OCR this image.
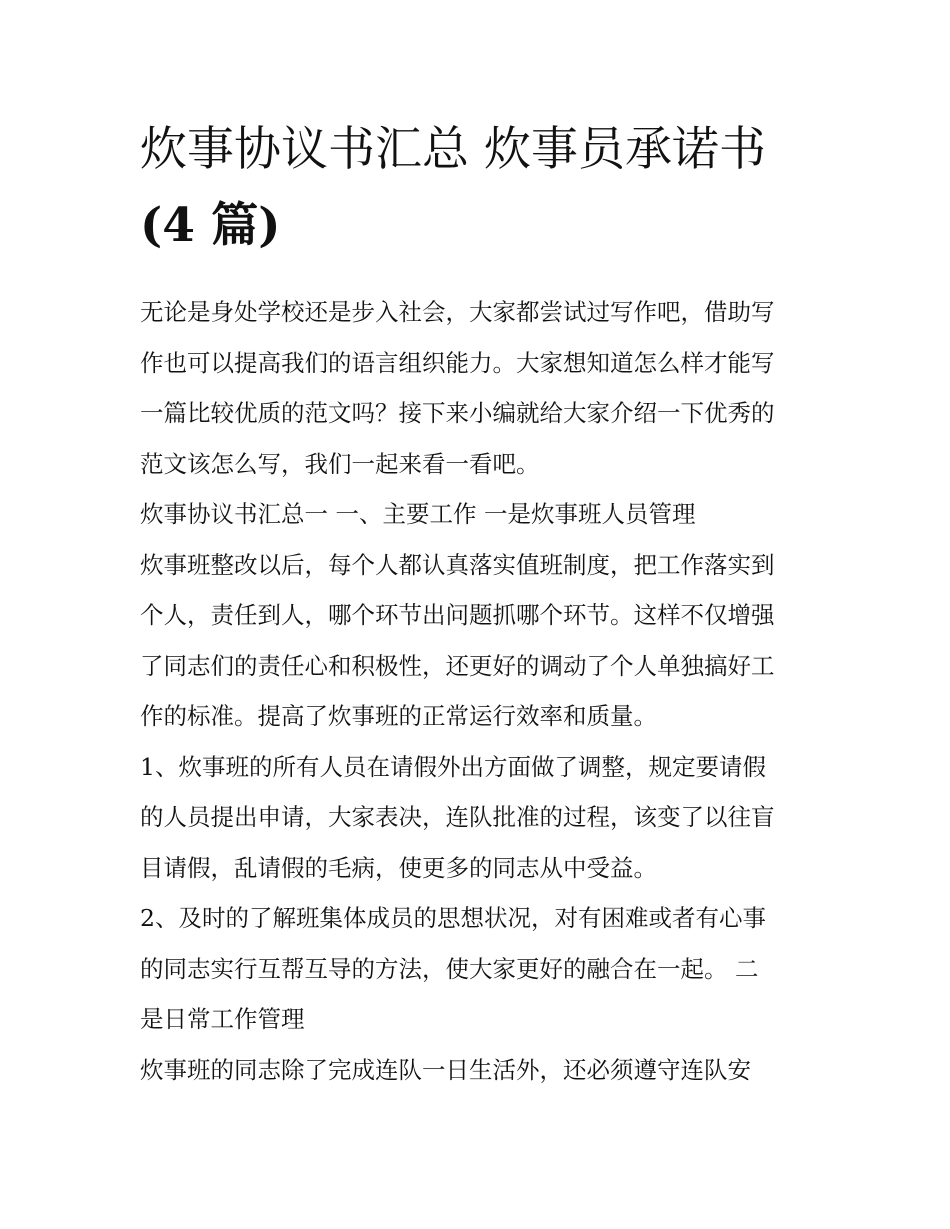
炊事协议书汇总 炊事员承诺书
(4 篇)

无论是身处学校还是步入社会，大家都尝试过写作吧，借助写
作也可以提高我们的语言组织能力。大家想知道怎么样才能写
一篇比较优质的范文吗？接下来小编就给大家介绍一下优秀的
范文该怎么写，我们一起来看一看吧。

炊事协议书汇总一 一、主要工作 一是炊事班人员管理

炊事班整改以后，每个人都认真落实值班制度，把工作落实到
个人，责任到人，哪个环节出问题抓哪个环节。这样不仅增强
了同志们的责任心和积极性，还更好的调动了个人单独搞好工
作的标准。提高了炊事班的正常运行效率和质量。

1、炊事班的所有人员在请假外出方面做了调整，规定要请假
的人员提出申请，大家表决，连队批准的过程，该变了以往盲
目请假，乱请假的毛病，使更多的同志从中受益。

2、及时的了解班集体成员的思想状况，对有困难或者有心事
的同志实行互帮互导的方法，使大家更好的融合在一起。 二
是日常工作管理

炊事班的同志除了完成连队一日生活外，还必须遵守连队安
